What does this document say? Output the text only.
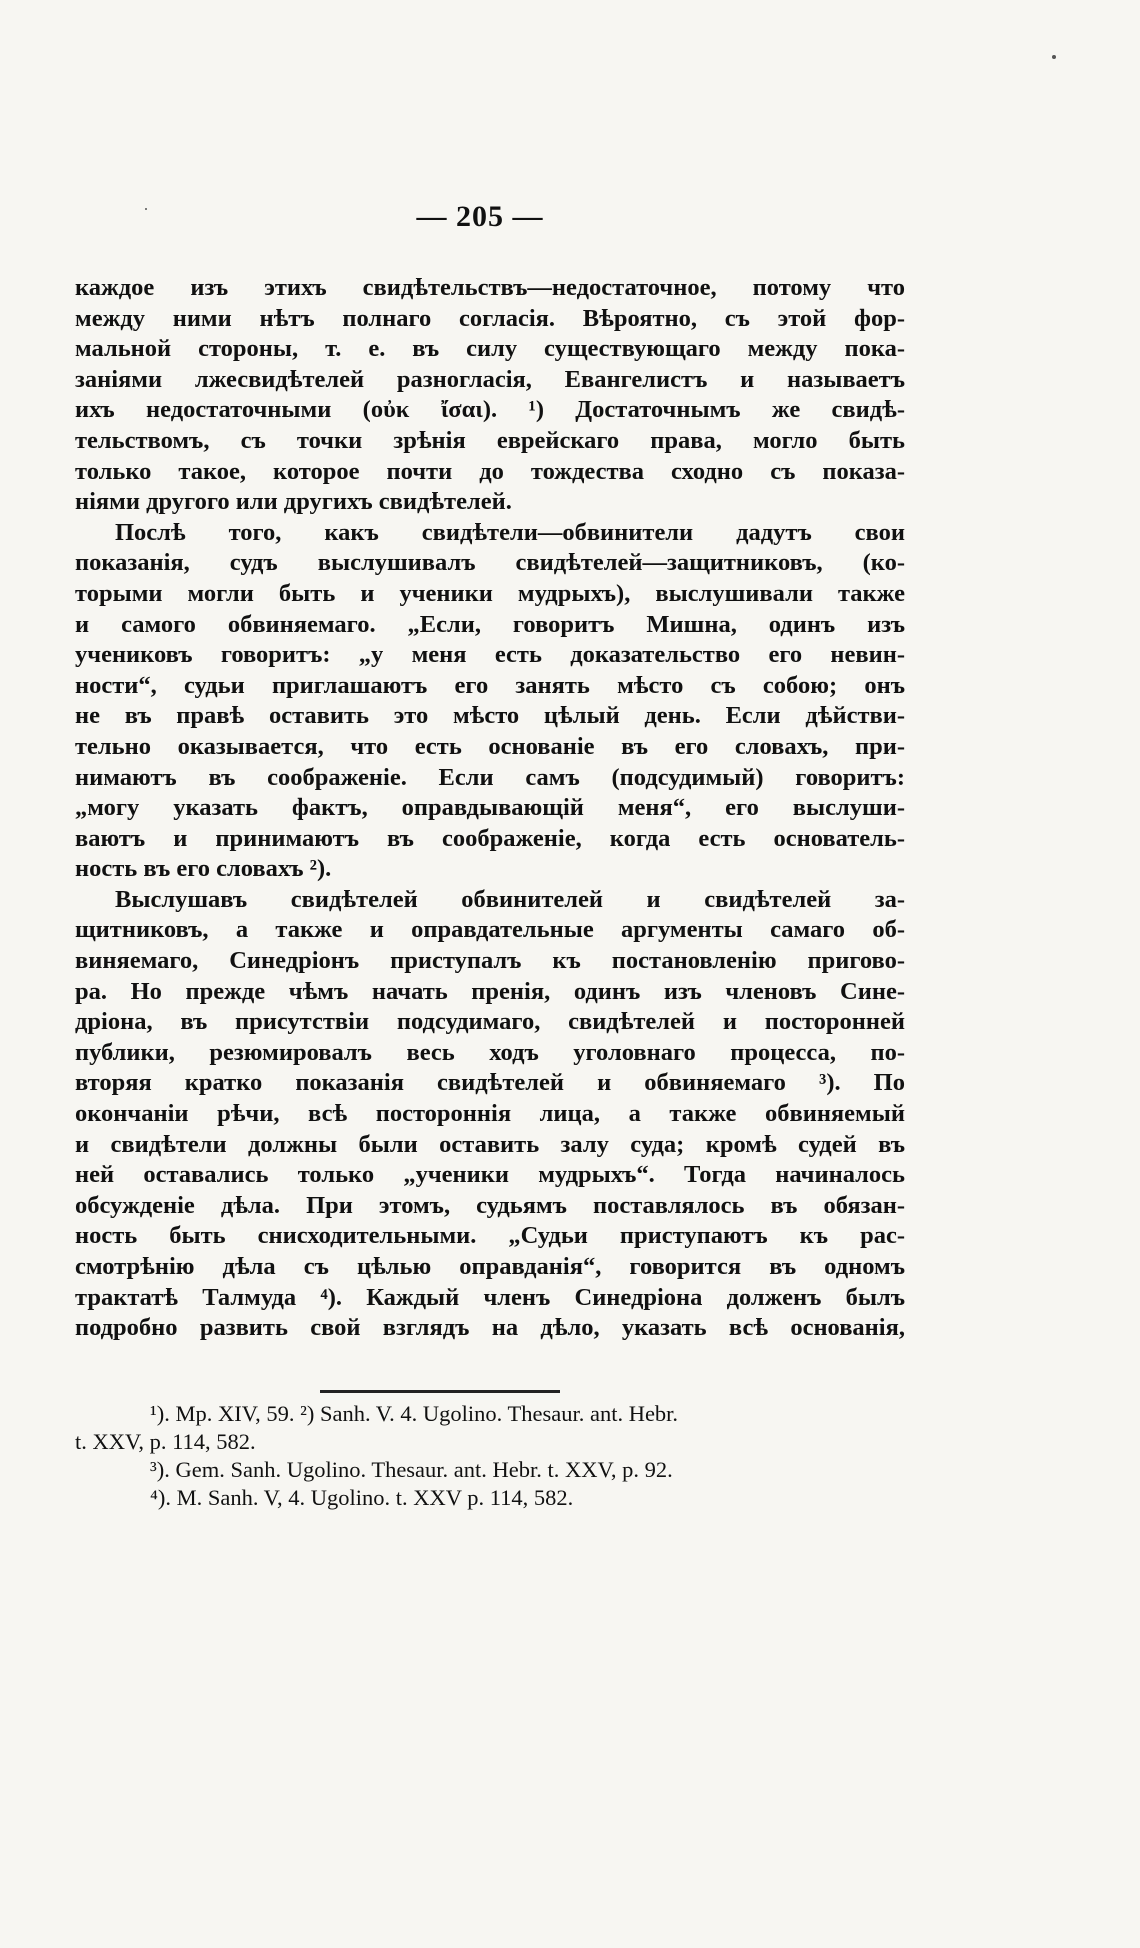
— 205 —
каждое изъ этихъ свидѣтельствъ—недостаточное, потому что
между ними нѣтъ полнаго согласія. Вѣроятно, съ этой фор-
мальной стороны, т. е. въ силу существующаго между пока-
заніями лжесвидѣтелей разногласія, Евангелистъ и называетъ
ихъ недостаточными (οὐκ ἴσαι). ¹) Достаточнымъ же свидѣ-
тельствомъ, съ точки зрѣнія еврейскаго права, могло быть
только такое, которое почти до тождества сходно съ показа-
ніями другого или другихъ свидѣтелей.
Послѣ того, какъ свидѣтели—обвинители дадутъ свои
показанія, судъ выслушивалъ свидѣтелей—защитниковъ, (ко-
торыми могли быть и ученики мудрыхъ), выслушивали также
и самого обвиняемаго. „Если, говоритъ Мишна, одинъ изъ
учениковъ говоритъ: „у меня есть доказательство его невин-
ности“, судьи приглашаютъ его занять мѣсто съ собою; онъ
не въ правѣ оставить это мѣсто цѣлый день. Если дѣйстви-
тельно оказывается, что есть основаніе въ его словахъ, при-
нимаютъ въ соображеніе. Если самъ (подсудимый) говоритъ:
„могу указать фактъ, оправдывающій меня“, его выслуши-
ваютъ и принимаютъ въ соображеніе, когда есть основатель-
ность въ его словахъ ²).
Выслушавъ свидѣтелей обвинителей и свидѣтелей за-
щитниковъ, а также и оправдательные аргументы самаго об-
виняемаго, Синедріонъ приступалъ къ постановленію пригово-
ра. Но прежде чѣмъ начать пренія, одинъ изъ членовъ Сине-
дріона, въ присутствіи подсудимаго, свидѣтелей и посторонней
публики, резюмировалъ весь ходъ уголовнаго процесса, по-
вторяя кратко показанія свидѣтелей и обвиняемаго ³). По
окончаніи рѣчи, всѣ постороннія лица, а также обвиняемый
и свидѣтели должны были оставить залу суда; кромѣ судей въ
ней оставались только „ученики мудрыхъ“. Тогда начиналось
обсужденіе дѣла. При этомъ, судьямъ поставлялось въ обязан-
ность быть снисходительными. „Судьи приступаютъ къ рас-
смотрѣнію дѣла съ цѣлью оправданія“, говорится въ одномъ
трактатѣ Талмуда ⁴). Каждый членъ Синедріона долженъ былъ
подробно развить свой взглядъ на дѣло, указать всѣ основанія,
¹). Mp. XIV, 59. ²) Sanh. V. 4. Ugolino. Thesaur. ant. Hebr.
t. XXV, p. 114, 582.
³). Gem. Sanh. Ugolino. Thesaur. ant. Hebr. t. XXV, p. 92.
⁴). M. Sanh. V, 4. Ugolino. t. XXV p. 114, 582.
